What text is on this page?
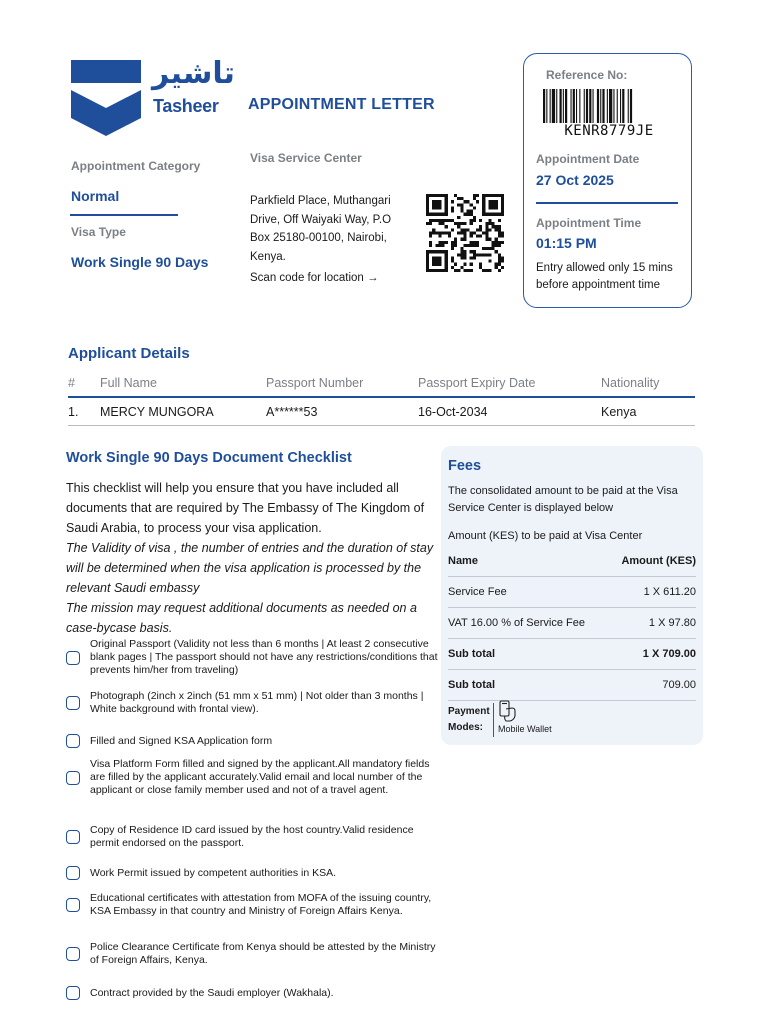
تاشير
Tasheer APPOINTMENT LETTER
Reference No:
KENR8779JE
Appointment Date
27 Oct 2025
Appointment Time
01:15 PM
Entry allowed only 15 mins before appointment time
Appointment Category
Normal
Visa Type
Work Single 90 Days
Visa Service Center
Parkfield Place, Muthangari Drive, Off Waiyaki Way, P.O Box 25180-00100, Nairobi, Kenya.
Scan code for location →
Applicant Details
#	Full Name	Passport Number	Passport Expiry Date	Nationality
1.	MERCY MUNGORA	A******53	16-Oct-2034	Kenya
Work Single 90 Days Document Checklist
This checklist will help you ensure that you have included all documents that are required by The Embassy of The Kingdom of Saudi Arabia, to process your visa application.
The Validity of visa , the number of entries and the duration of stay will be determined when the visa application is processed by the relevant Saudi embassy
The mission may request additional documents as needed on a case-bycase basis.
Original Passport (Validity not less than 6 months | At least 2 consecutive blank pages | The passport should not have any restrictions/conditions that prevents him/her from traveling)
Photograph (2inch x 2inch (51 mm x 51 mm) | Not older than 3 months | White background with frontal view).
Filled and Signed KSA Application form
Visa Platform Form filled and signed by the applicant.All mandatory fields are filled by the applicant accurately.Valid email and local number of the applicant or close family member used and not of a travel agent.
Copy of Residence ID card issued by the host country.Valid residence permit endorsed on the passport.
Work Permit issued by competent authorities in KSA.
Educational certificates with attestation from MOFA of the issuing country, KSA Embassy in that country and Ministry of Foreign Affairs Kenya.
Police Clearance Certificate from Kenya should be attested by the Ministry of Foreign Affairs, Kenya.
Contract provided by the Saudi employer (Wakhala).
Fees
The consolidated amount to be paid at the Visa Service Center is displayed below
Amount (KES) to be paid at Visa Center
Name	Amount (KES)
Service Fee	1 X 611.20
VAT 16.00 % of Service Fee	1 X 97.80
Sub total	1 X 709.00
Sub total	709.00
Payment
Modes:	Mobile Wallet
